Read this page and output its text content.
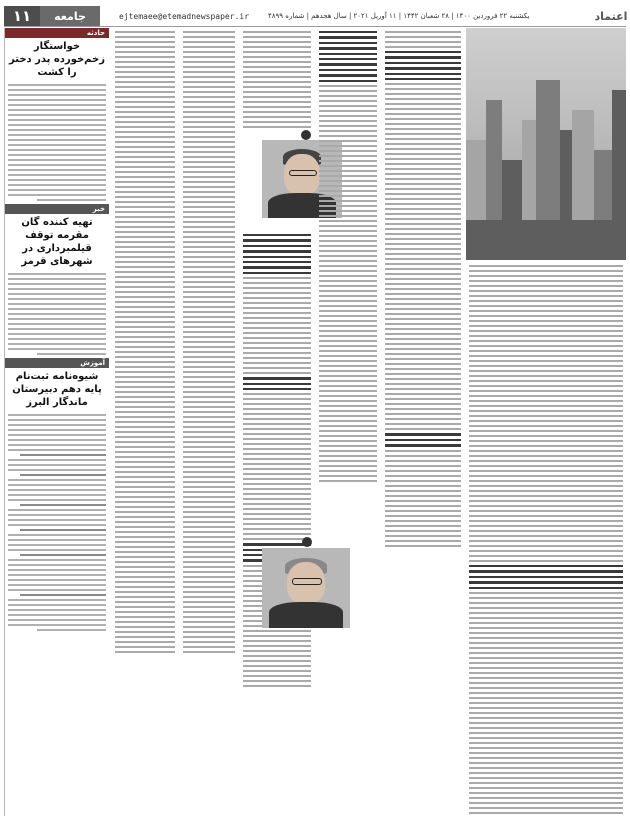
۱۱	جامعه	ejtemaee@etemadnewspaper.ir	یکشنبه ۲۲ فروردین ۱۴۰۰ | ۲۸ شعبان ۱۴۴۲ | ۱۱ آوریل ۲۰۲۱ | سال هجدهم | شماره ۴۸۹۹	اعتماد
حادثه
خواستگار زخم‌خورده پدر دختر را کشت
خبر
تهیه کننده گان مقرمه توقف قیلمبرداری در شهرهای قرمز
آموزش
شیوه‌نامه ثبت‌نام پایه دهم دبیرستان ماندگار البرز
